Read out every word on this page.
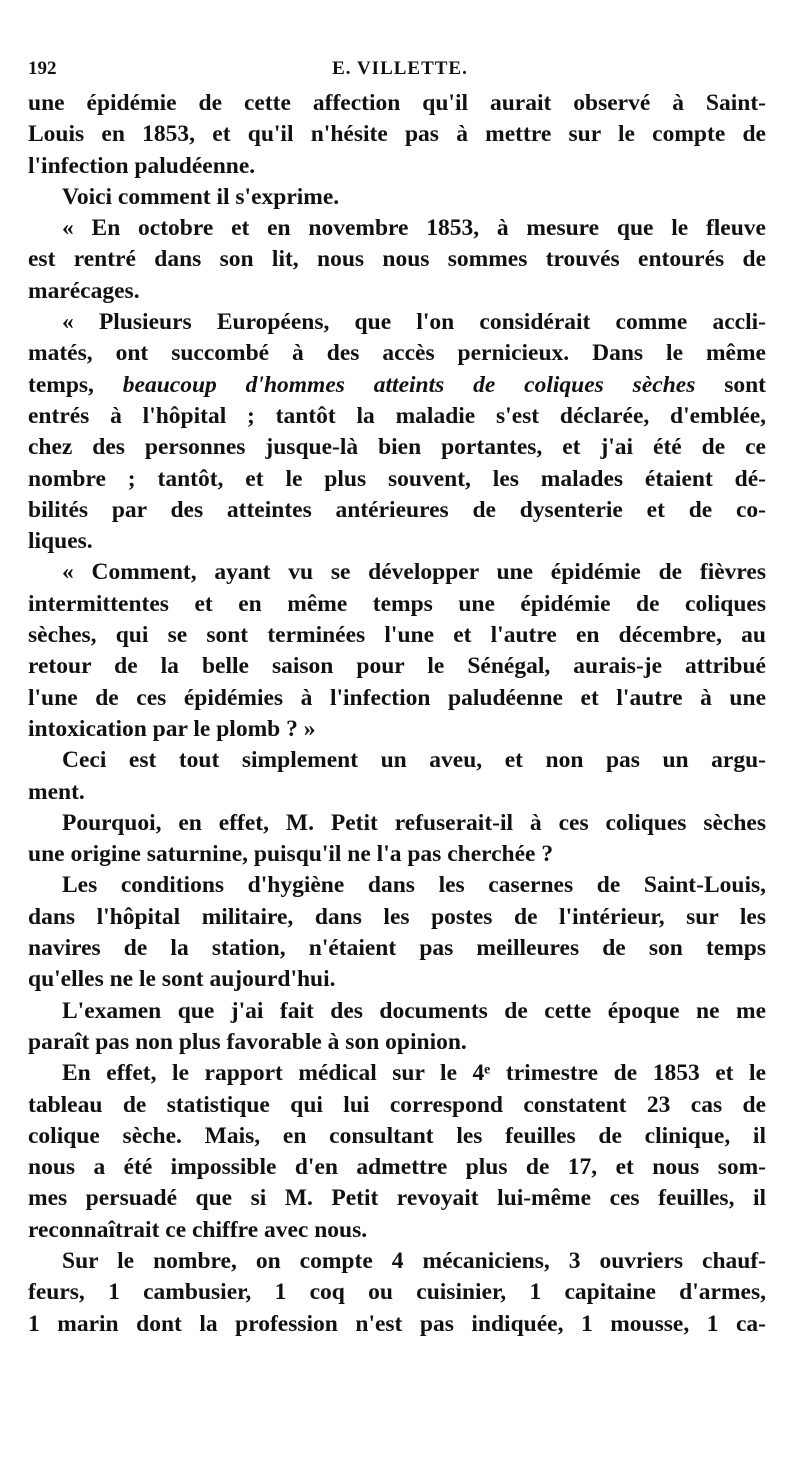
192	E. VILLETTE.
une épidémie de cette affection qu'il aurait observé à Saint-
Louis en 1853, et qu'il n'hésite pas à mettre sur le compte de
l'infection paludéenne.
Voici comment il s'exprime.
« En octobre et en novembre 1853, à mesure que le fleuve
est rentré dans son lit, nous nous sommes trouvés entourés de
marécages.
« Plusieurs Européens, que l'on considérait comme accli-
matés, ont succombé à des accès pernicieux. Dans le même
temps, beaucoup d'hommes atteints de coliques sèches sont
entrés à l'hôpital ; tantôt la maladie s'est déclarée, d'emblée,
chez des personnes jusque-là bien portantes, et j'ai été de ce
nombre ; tantôt, et le plus souvent, les malades étaient dé-
bilités par des atteintes antérieures de dysenterie et de co-
liques.
« Comment, ayant vu se développer une épidémie de fièvres
intermittentes et en même temps une épidémie de coliques
sèches, qui se sont terminées l'une et l'autre en décembre, au
retour de la belle saison pour le Sénégal, aurais-je attribué
l'une de ces épidémies à l'infection paludéenne et l'autre à une
intoxication par le plomb ? »
Ceci est tout simplement un aveu, et non pas un argu-
ment.
Pourquoi, en effet, M. Petit refuserait-il à ces coliques sèches
une origine saturnine, puisqu'il ne l'a pas cherchée ?
Les conditions d'hygiène dans les casernes de Saint-Louis,
dans l'hôpital militaire, dans les postes de l'intérieur, sur les
navires de la station, n'étaient pas meilleures de son temps
qu'elles ne le sont aujourd'hui.
L'examen que j'ai fait des documents de cette époque ne me
paraît pas non plus favorable à son opinion.
En effet, le rapport médical sur le 4ᵉ trimestre de 1853 et le
tableau de statistique qui lui correspond constatent 23 cas de
colique sèche. Mais, en consultant les feuilles de clinique, il
nous a été impossible d'en admettre plus de 17, et nous som-
mes persuadé que si M. Petit revoyait lui-même ces feuilles, il
reconnaîtrait ce chiffre avec nous.
Sur le nombre, on compte 4 mécaniciens, 3 ouvriers chauf-
feurs, 1 cambusier, 1 coq ou cuisinier, 1 capitaine d'armes,
1 marin dont la profession n'est pas indiquée, 1 mousse, 1 ca-
